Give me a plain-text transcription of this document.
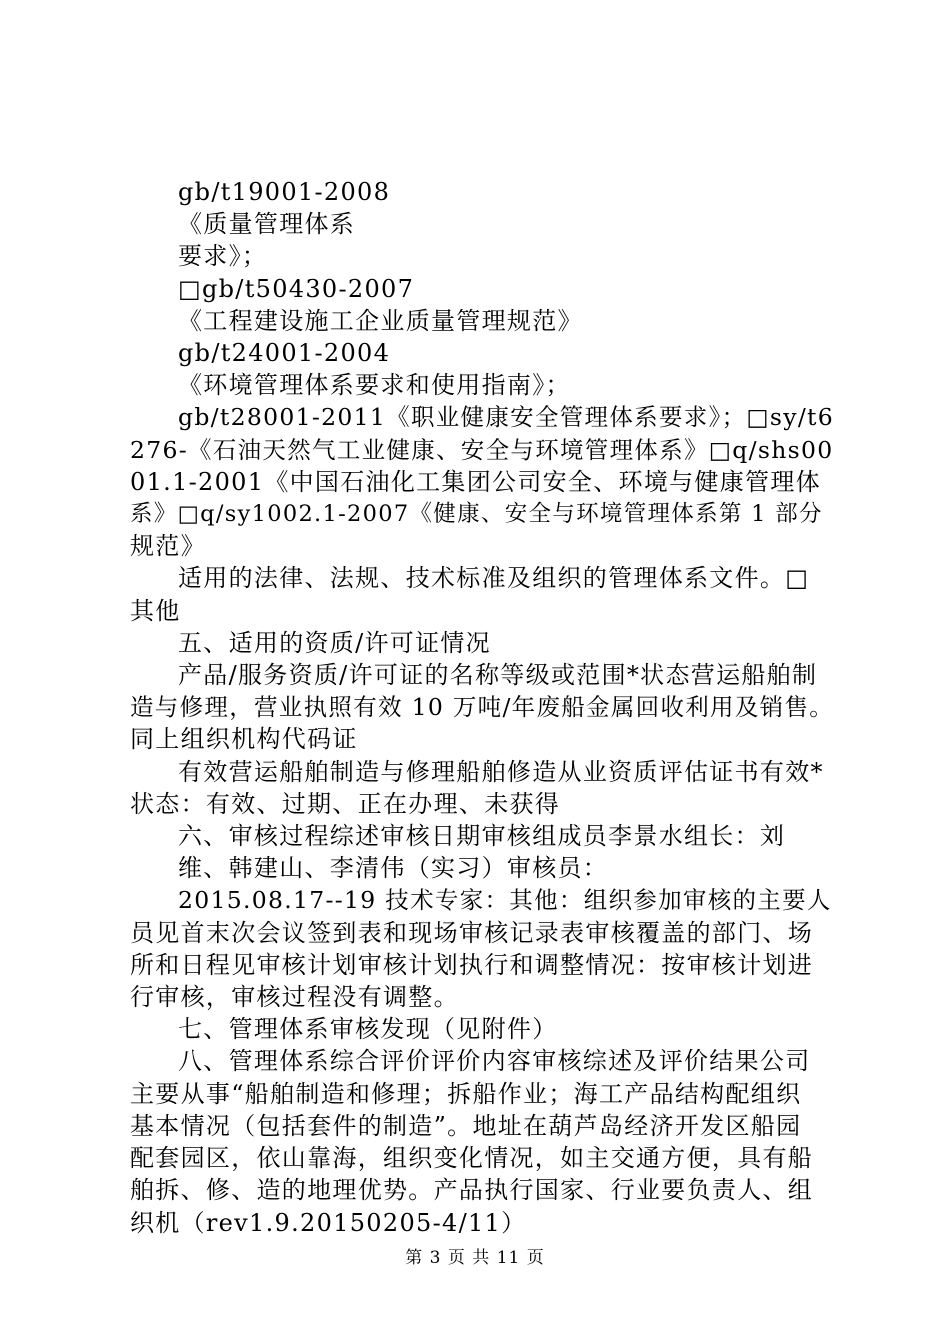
gb/t19001-2008

《质量管理体系

要求》；

□gb/t50430-2007

《工程建设施工企业质量管理规范》

gb/t24001-2004

《环境管理体系要求和使用指南》；

gb/t28001-2011《职业健康安全管理体系要求》；□sy/t6

276-《石油天然气工业健康、安全与环境管理体系》□q/shs00

01.1-2001《中国石油化工集团公司安全、环境与健康管理体

系》□q/sy1002.1-2007《健康、安全与环境管理体系第 1 部分

规范》

适用的法律、法规、技术标准及组织的管理体系文件。□

其他

五、适用的资质/许可证情况

产品/服务资质/许可证的名称等级或范围*状态营运船舶制

造与修理，营业执照有效 10 万吨/年废船金属回收利用及销售。

同上组织机构代码证

有效营运船舶制造与修理船舶修造从业资质评估证书有效*

状态：有效、过期、正在办理、未获得

六、审核过程综述审核日期审核组成员李景水组长：刘

维、韩建山、李清伟（实习）审核员：

2015.08.17--19 技术专家：其他：组织参加审核的主要人

员见首末次会议签到表和现场审核记录表审核覆盖的部门、场

所和日程见审核计划审核计划执行和调整情况：按审核计划进

行审核，审核过程没有调整。

七、管理体系审核发现（见附件）

八、管理体系综合评价评价内容审核综述及评价结果公司

主要从事“船舶制造和修理；拆船作业；海工产品结构配组织

基本情况（包括套件的制造”。地址在葫芦岛经济开发区船园

配套园区，依山靠海，组织变化情况，如主交通方便，具有船

舶拆、修、造的地理优势。产品执行国家、行业要负责人、组

织机（rev1.9.20150205-4/11）

第 3 页 共 11 页
